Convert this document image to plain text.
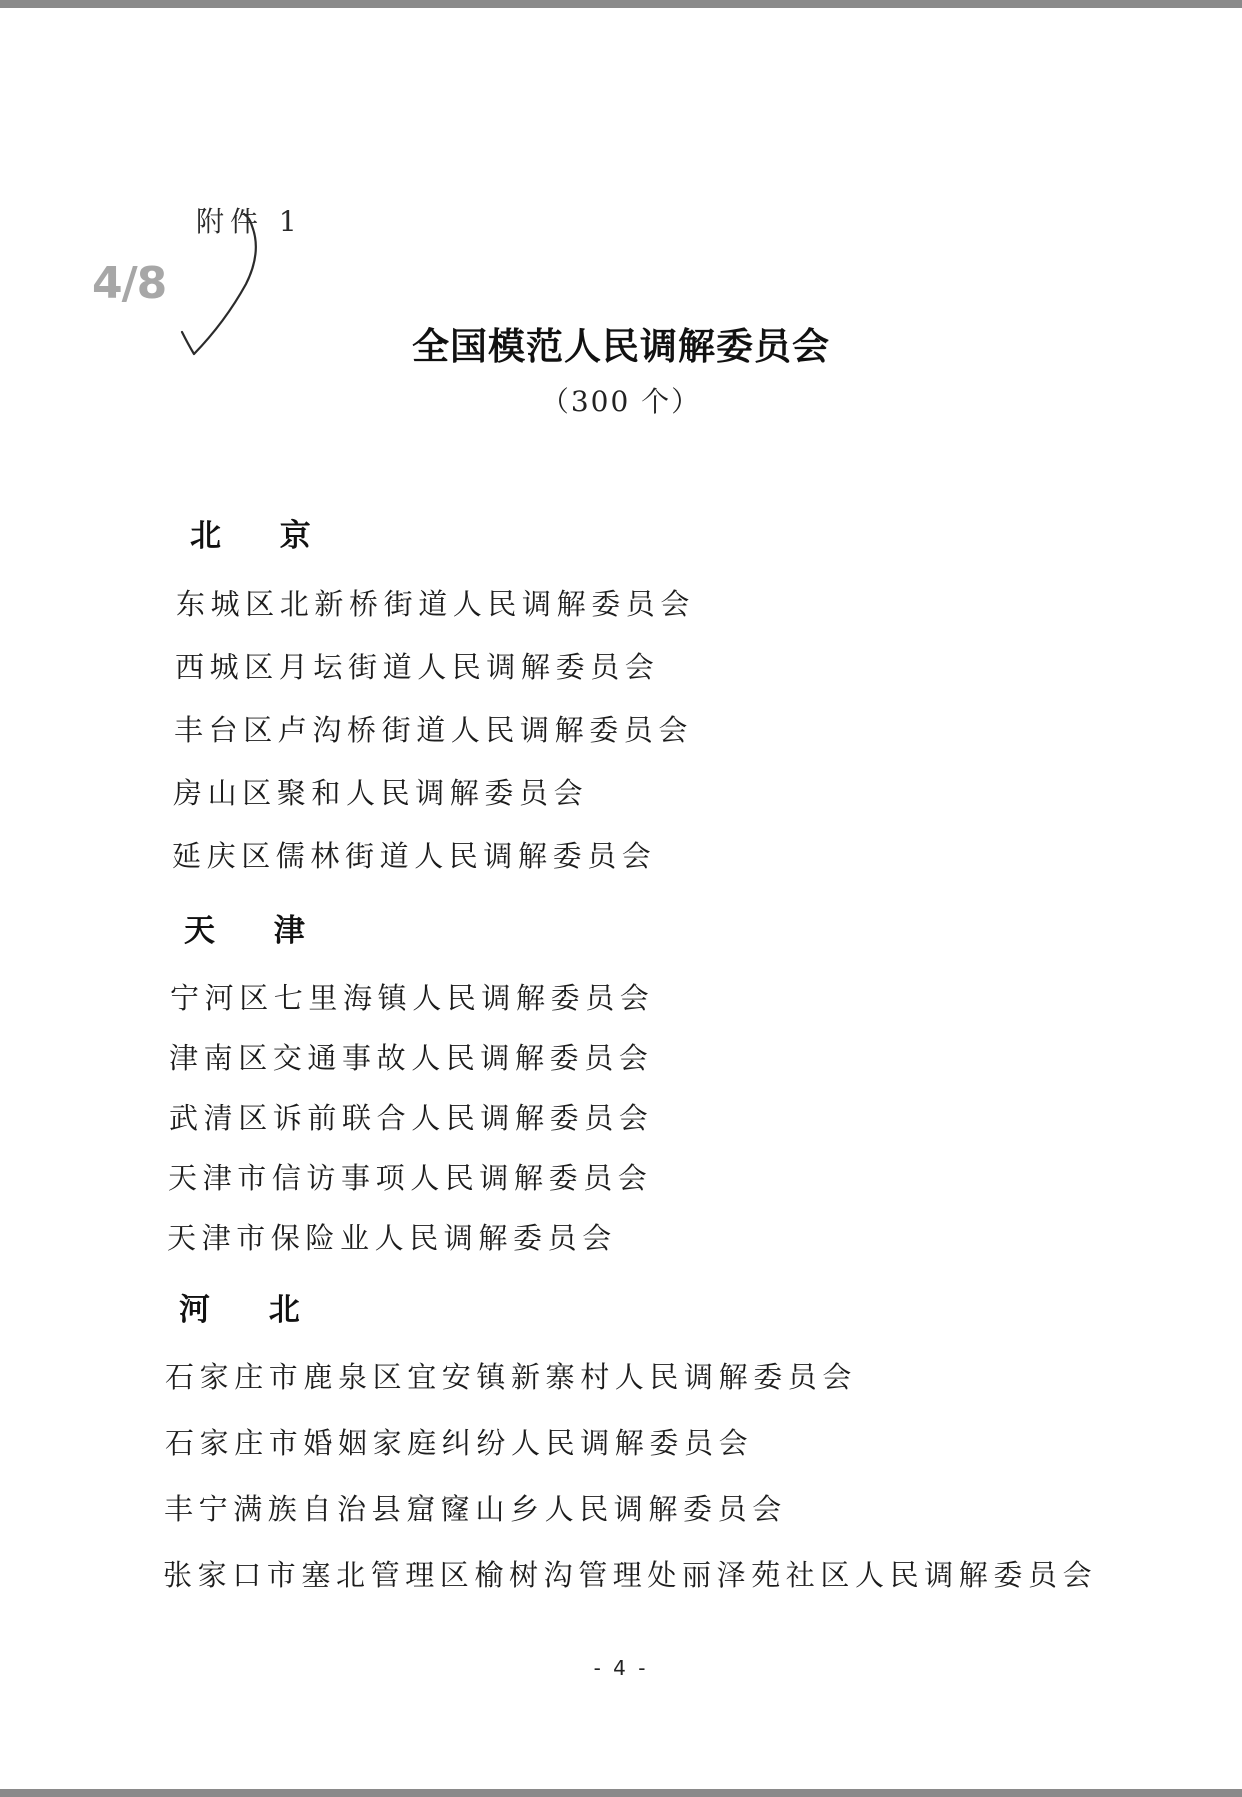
4/8
附件 1
全国模范人民调解委员会
（300 个）
北 京
东城区北新桥街道人民调解委员会
西城区月坛街道人民调解委员会
丰台区卢沟桥街道人民调解委员会
房山区聚和人民调解委员会
延庆区儒林街道人民调解委员会
天 津
宁河区七里海镇人民调解委员会
津南区交通事故人民调解委员会
武清区诉前联合人民调解委员会
天津市信访事项人民调解委员会
天津市保险业人民调解委员会
河 北
石家庄市鹿泉区宜安镇新寨村人民调解委员会
石家庄市婚姻家庭纠纷人民调解委员会
丰宁满族自治县窟窿山乡人民调解委员会
张家口市塞北管理区榆树沟管理处丽泽苑社区人民调解委员会
- 4 -
